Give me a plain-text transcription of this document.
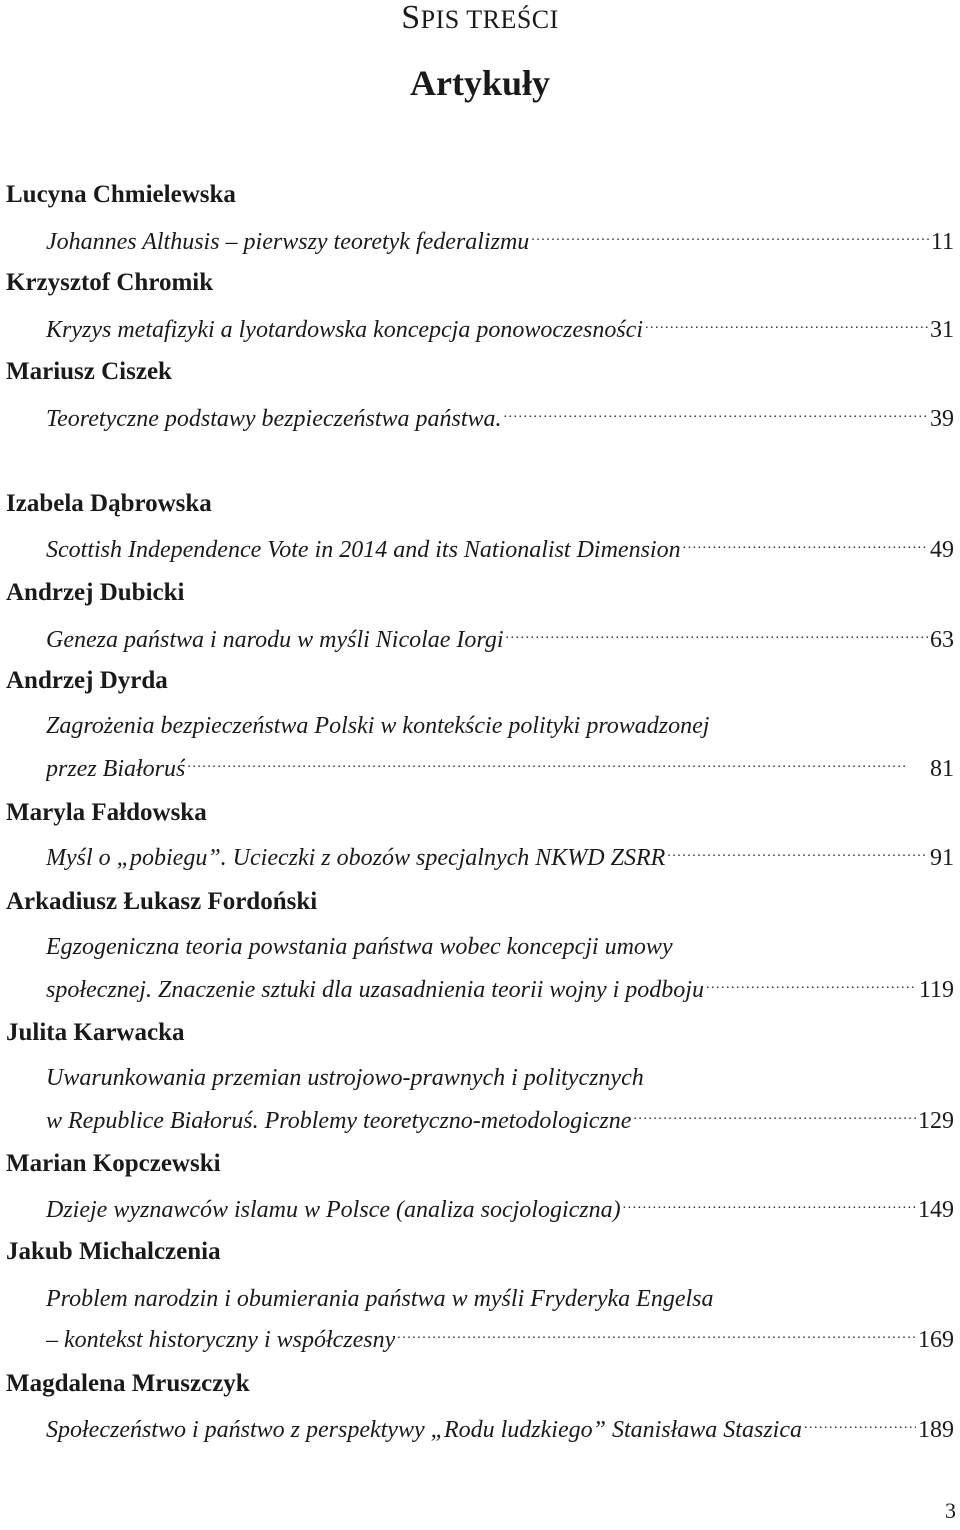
SPIS TREŚCI
Artykuły
Lucyna Chmielewska
Johannes Althusis – pierwszy teoretyk federalizmu . . .	11
Krzysztof Chromik
Kryzys metafizyki a lyotardowska koncepcja ponowoczesności . . .	31
Mariusz Ciszek
Teoretyczne podstawy bezpieczeństwa państwa. . . .	39
Izabela Dąbrowska
Scottish Independence Vote in 2014 and its Nationalist Dimension . . .	49
Andrzej Dubicki
Geneza państwa i narodu w myśli Nicolae Iorgi . . .	63
Andrzej Dyrda
Zagrożenia bezpieczeństwa Polski w kontekście polityki prowadzonej
przez Białoruś . . .	81
Maryla Fałdowska
Myśl o „pobiegu”. Ucieczki z obozów specjalnych NKWD ZSRR . . .	91
Arkadiusz Łukasz Fordoński
Egzogeniczna teoria powstania państwa wobec koncepcji umowy
społecznej. Znaczenie sztuki dla uzasadnienia teorii wojny i podboju . . .	119
Julita Karwacka
Uwarunkowania przemian ustrojowo-prawnych i politycznych
w Republice Białoruś. Problemy teoretyczno-metodologiczne . . .	129
Marian Kopczewski
Dzieje wyznawców islamu w Polsce (analiza socjologiczna) . . .	149
Jakub Michalczenia
Problem narodzin i obumierania państwa w myśli Fryderyka Engelsa
– kontekst historyczny i współczesny . . .	169
Magdalena Mruszczyk
Społeczeństwo i państwo z perspektywy „Rodu ludzkiego” Stanisława Staszica . . .	189
3
